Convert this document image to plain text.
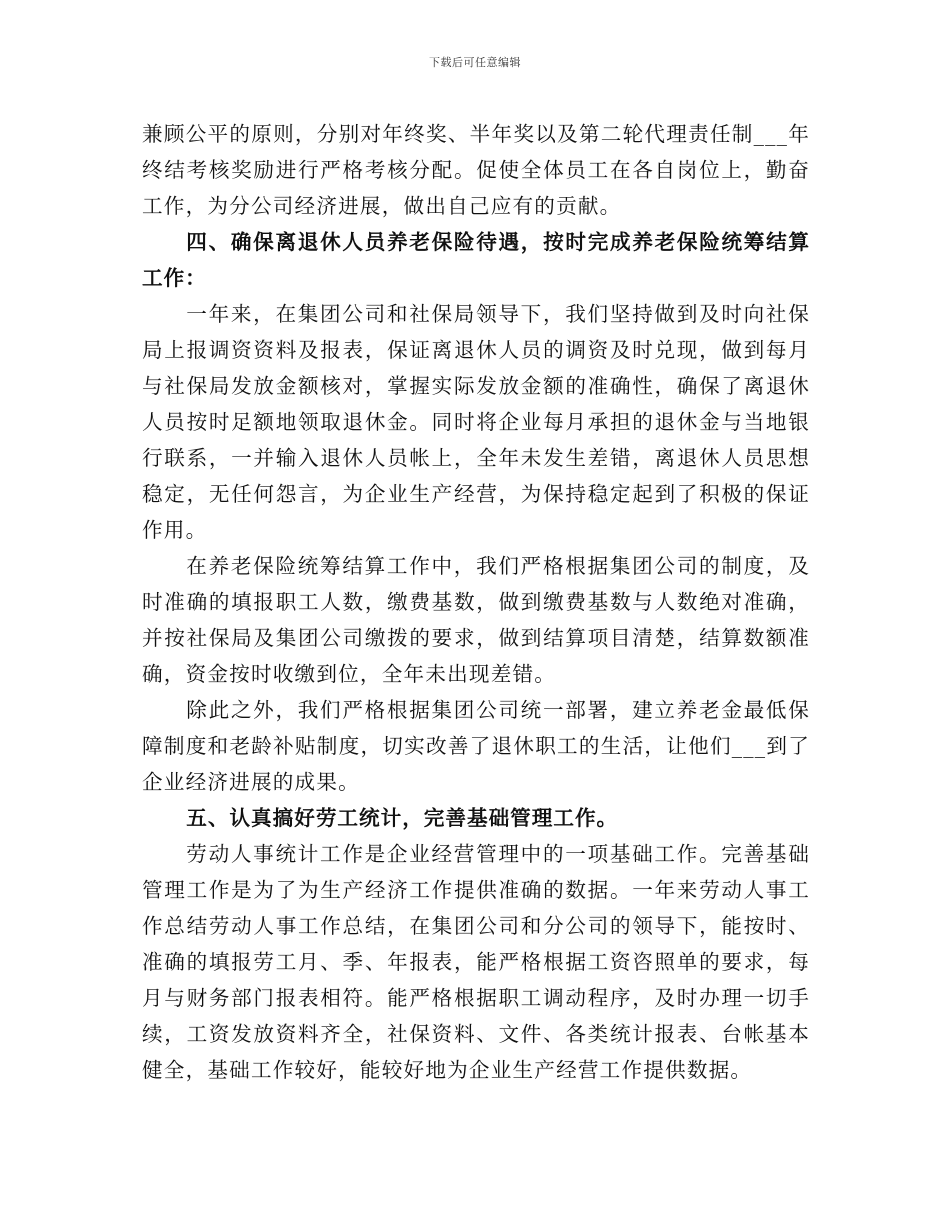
下载后可任意编辑

兼顾公平的原则，分别对年终奖、半年奖以及第二轮代理责任制___年终结考核奖励进行严格考核分配。促使全体员工在各自岗位上，勤奋工作，为分公司经济进展，做出自己应有的贡献。

四、确保离退休人员养老保险待遇，按时完成养老保险统筹结算工作：

一年来，在集团公司和社保局领导下，我们坚持做到及时向社保局上报调资资料及报表，保证离退休人员的调资及时兑现，做到每月与社保局发放金额核对，掌握实际发放金额的准确性，确保了离退休人员按时足额地领取退休金。同时将企业每月承担的退休金与当地银行联系，一并输入退休人员帐上，全年未发生差错，离退休人员思想稳定，无任何怨言，为企业生产经营，为保持稳定起到了积极的保证作用。

在养老保险统筹结算工作中，我们严格根据集团公司的制度，及时准确的填报职工人数，缴费基数，做到缴费基数与人数绝对准确，并按社保局及集团公司缴拨的要求，做到结算项目清楚，结算数额准确，资金按时收缴到位，全年未出现差错。

除此之外，我们严格根据集团公司统一部署，建立养老金最低保障制度和老龄补贴制度，切实改善了退休职工的生活，让他们___到了企业经济进展的成果。

五、认真搞好劳工统计，完善基础管理工作。

劳动人事统计工作是企业经营管理中的一项基础工作。完善基础管理工作是为了为生产经济工作提供准确的数据。一年来劳动人事工作总结劳动人事工作总结，在集团公司和分公司的领导下，能按时、准确的填报劳工月、季、年报表，能严格根据工资咨照单的要求，每月与财务部门报表相符。能严格根据职工调动程序，及时办理一切手续，工资发放资料齐全，社保资料、文件、各类统计报表、台帐基本健全，基础工作较好，能较好地为企业生产经营工作提供数据。
